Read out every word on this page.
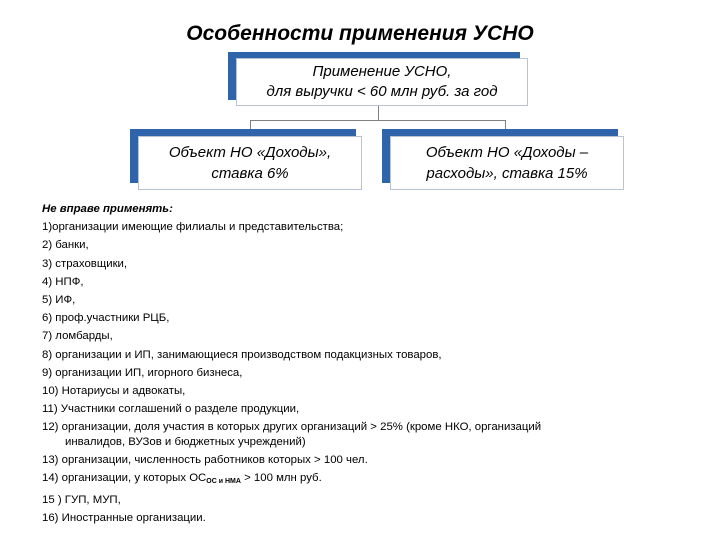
Особенности применения УСНО
Применение УСНО,
для выручки < 60 млн руб. за год
Объект НО «Доходы»,
ставка 6%
Объект НО «Доходы –
расходы», ставка 15%
Не вправе применять:
1)организации имеющие филиалы и представительства;
2) банки,
3) страховщики,
4) НПФ,
5) ИФ,
6) проф.участники РЦБ,
7) ломбарды,
8) организации и ИП, занимающиеся производством подакцизных товаров,
9) организации ИП, игорного бизнеса,
10) Нотариусы и адвокаты,
11) Участники соглашений о разделе продукции,
12) организации, доля участия в которых других организаций > 25% (кроме НКО, организаций
инвалидов, ВУЗов и бюджетных учреждений)
13) организации, численность работников которых > 100 чел.
14) организации, у которых $ОС_{ОС и НМА} > 100$ млн руб.
15 ) ГУП, МУП,
16) Иностранные организации.
